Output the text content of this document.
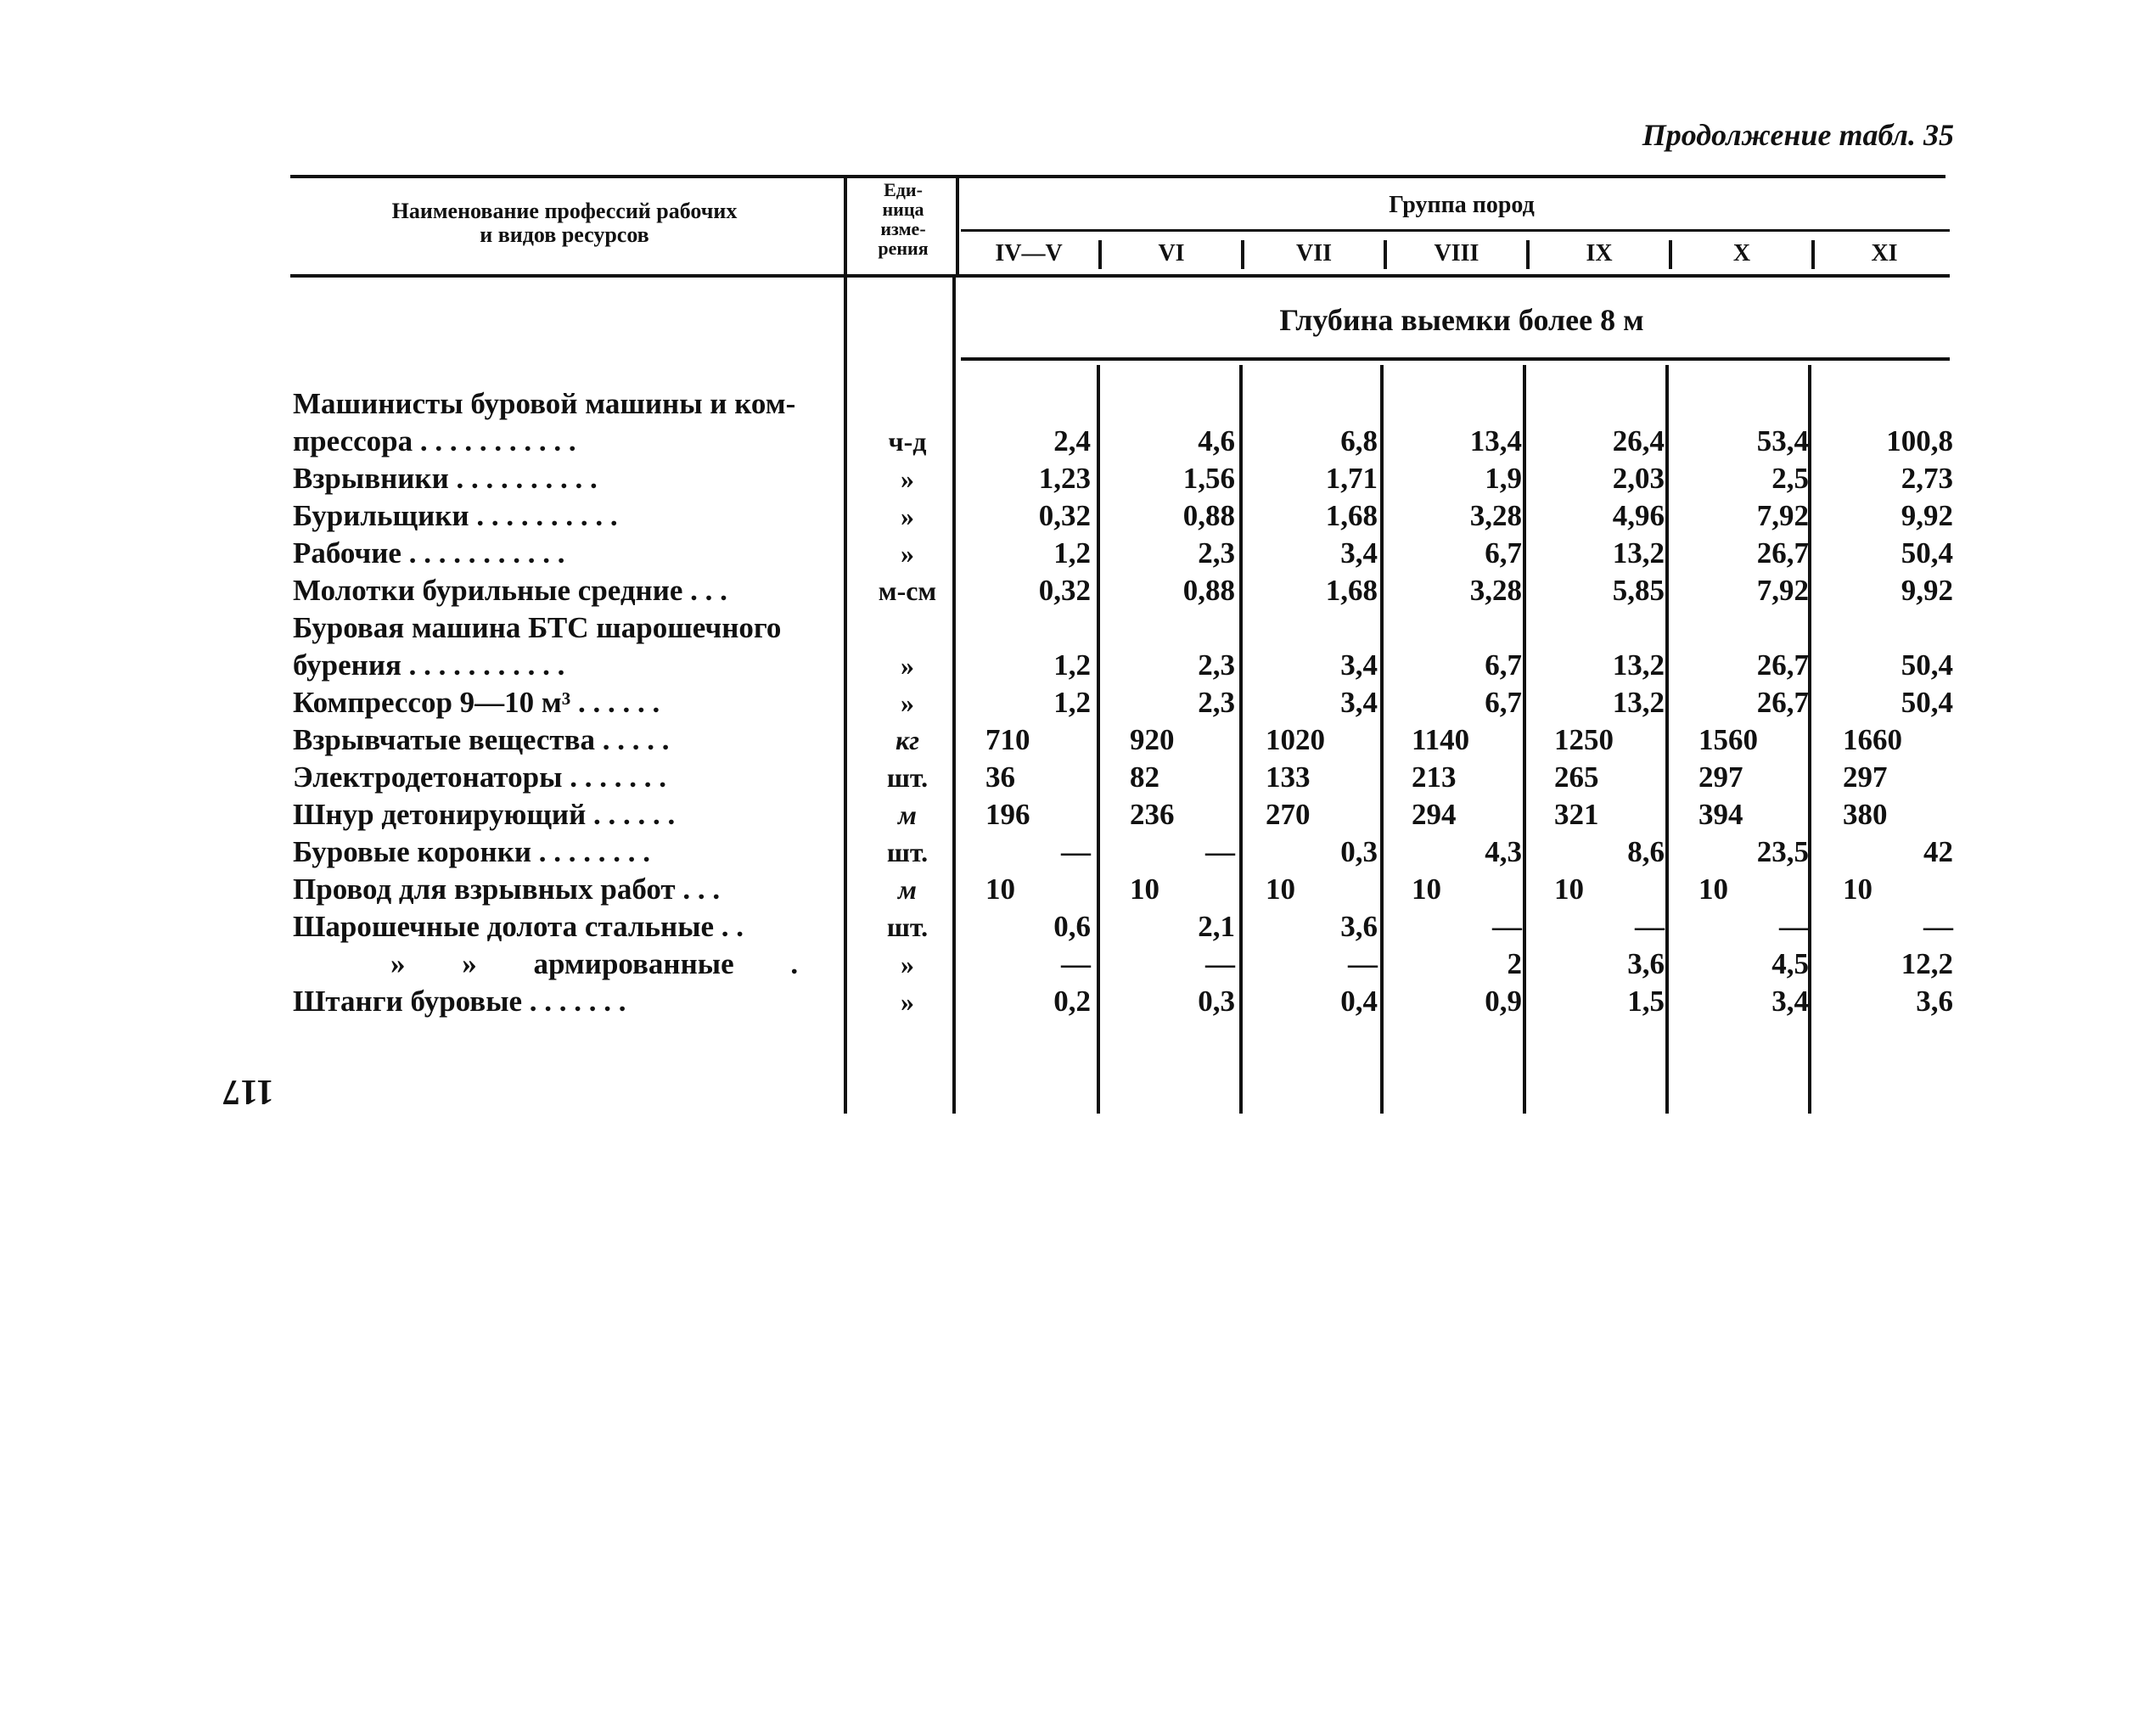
Продолжение табл. 35
Наименование профессий рабочих
и видов ресурсов
Еди-
ница
изме-
рения
Группа пород
IV—V	VI	VII	VIII	IX	X	XI
Глубина выемки более 8 м
Машинисты буровой машины и ком-
прессора . . . . . . . . . . .	ч-д	2,4	4,6	6,8	13,4	26,4	53,4	100,8
Взрывники . . . . . . . . . .	»	1,23	1,56	1,71	1,9	2,03	2,5	2,73
Бурильщики . . . . . . . . . .	»	0,32	0,88	1,68	3,28	4,96	7,92	9,92
Рабочие . . . . . . . . . . .	»	1,2	2,3	3,4	6,7	13,2	26,7	50,4
Молотки бурильные средние . . .	м-см	0,32	0,88	1,68	3,28	5,85	7,92	9,92
Буровая машина БТС шарошечного
бурения . . . . . . . . . . .	»	1,2	2,3	3,4	6,7	13,2	26,7	50,4
Компрессор 9—10 м³ . . . . . .	»	1,2	2,3	3,4	6,7	13,2	26,7	50,4
Взрывчатые вещества . . . . .	кг	710	920	1020	1140	1250	1560	1660
Электродетонаторы . . . . . . .	шт.	36	82	133	213	265	297	297
Шнур детонирующий . . . . . .	м	196	236	270	294	321	394	380
Буровые коронки . . . . . . . .	шт.	—	—	0,3	4,3	8,6	23,5	42
Провод для взрывных работ . . .	м	10	10	10	10	10	10	10
Шарошечные долота стальные . .	шт.	0,6	2,1	3,6	—	—	—	—
» » армированные .	»	—	—	—	2	3,6	4,5	12,2
Штанги буровые . . . . . . .	»	0,2	0,3	0,4	0,9	1,5	3,4	3,6
117
